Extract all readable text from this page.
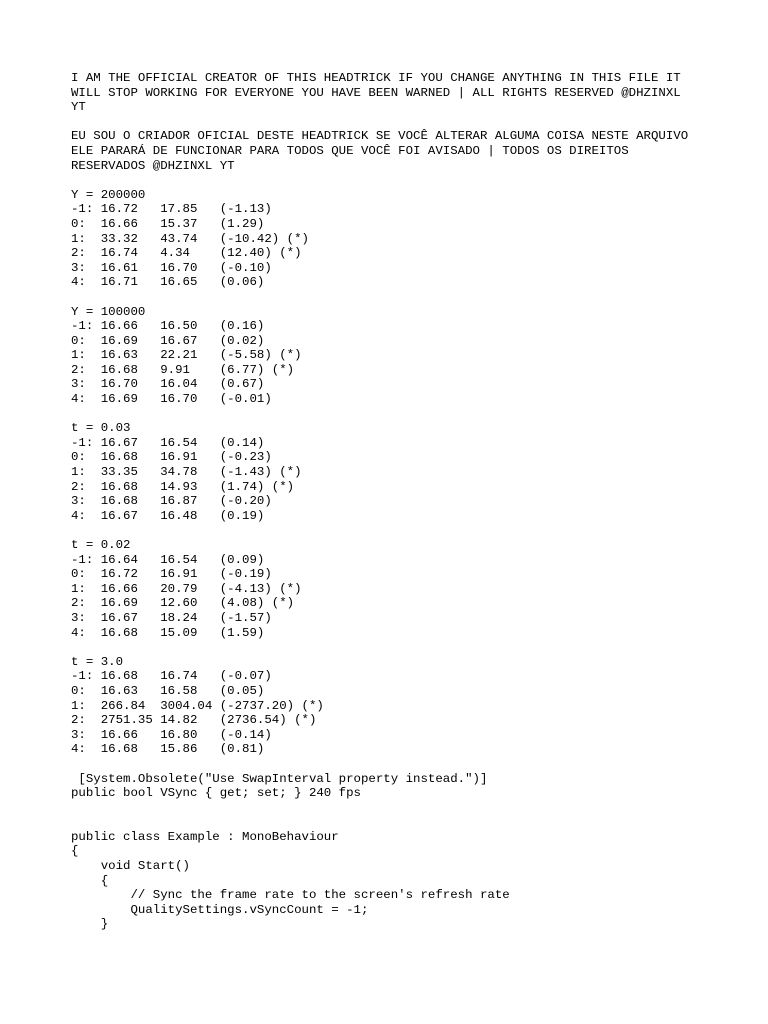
I AM THE OFFICIAL CREATOR OF THIS HEADTRICK IF YOU CHANGE ANYTHING IN THIS FILE IT
WILL STOP WORKING FOR EVERYONE YOU HAVE BEEN WARNED | ALL RIGHTS RESERVED @DHZINXL
YT
EU SOU O CRIADOR OFICIAL DESTE HEADTRICK SE VOCÊ ALTERAR ALGUMA COISA NESTE ARQUIVO
ELE PARARÁ DE FUNCIONAR PARA TODOS QUE VOCÊ FOI AVISADO | TODOS OS DIREITOS
RESERVADOS @DHZINXL YT
Y = 200000
-1: 16.72   17.85   (-1.13)
0:  16.66   15.37   (1.29)
1:  33.32   43.74   (-10.42) (*)
2:  16.74   4.34    (12.40) (*)
3:  16.61   16.70   (-0.10)
4:  16.71   16.65   (0.06)
Y = 100000
-1: 16.66   16.50   (0.16)
0:  16.69   16.67   (0.02)
1:  16.63   22.21   (-5.58) (*)
2:  16.68   9.91    (6.77) (*)
3:  16.70   16.04   (0.67)
4:  16.69   16.70   (-0.01)
t = 0.03
-1: 16.67   16.54   (0.14)
0:  16.68   16.91   (-0.23)
1:  33.35   34.78   (-1.43) (*)
2:  16.68   14.93   (1.74) (*)
3:  16.68   16.87   (-0.20)
4:  16.67   16.48   (0.19)
t = 0.02
-1: 16.64   16.54   (0.09)
0:  16.72   16.91   (-0.19)
1:  16.66   20.79   (-4.13) (*)
2:  16.69   12.60   (4.08) (*)
3:  16.67   18.24   (-1.57)
4:  16.68   15.09   (1.59)
t = 3.0
-1: 16.68   16.74   (-0.07)
0:  16.63   16.58   (0.05)
1:  266.84  3004.04 (-2737.20) (*)
2:  2751.35 14.82   (2736.54) (*)
3:  16.66   16.80   (-0.14)
4:  16.68   15.86   (0.81)
[System.Obsolete("Use SwapInterval property instead.")]
public bool VSync { get; set; } 240 fps
public class Example : MonoBehaviour
{
void Start()
{
// Sync the frame rate to the screen's refresh rate
QualitySettings.vSyncCount = -1;
}
